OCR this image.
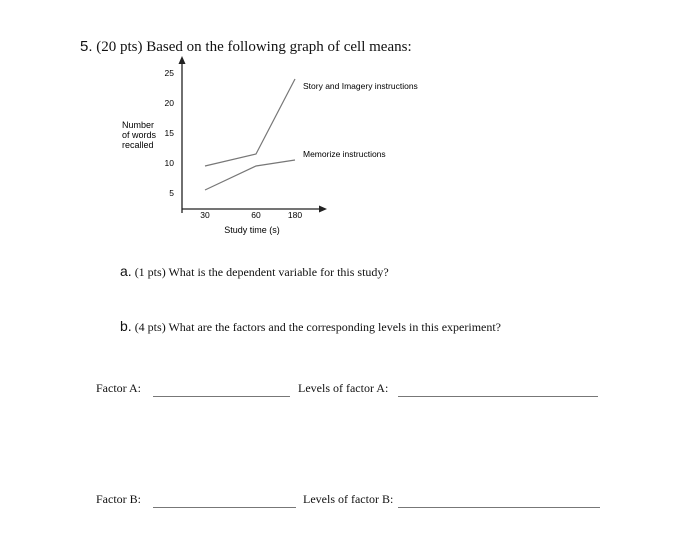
5. (20 pts) Based on the following graph of cell means:
5
10
15
20
25
30	60	180
Number
of words
recalled
Study time (s)
Story and Imagery instructions
Memorize instructions
a. (1 pts) What is the dependent variable for this study?
b. (4 pts) What are the factors and the corresponding levels in this experiment?
Factor A:	Levels of factor A:
Factor B:	Levels of factor B:
